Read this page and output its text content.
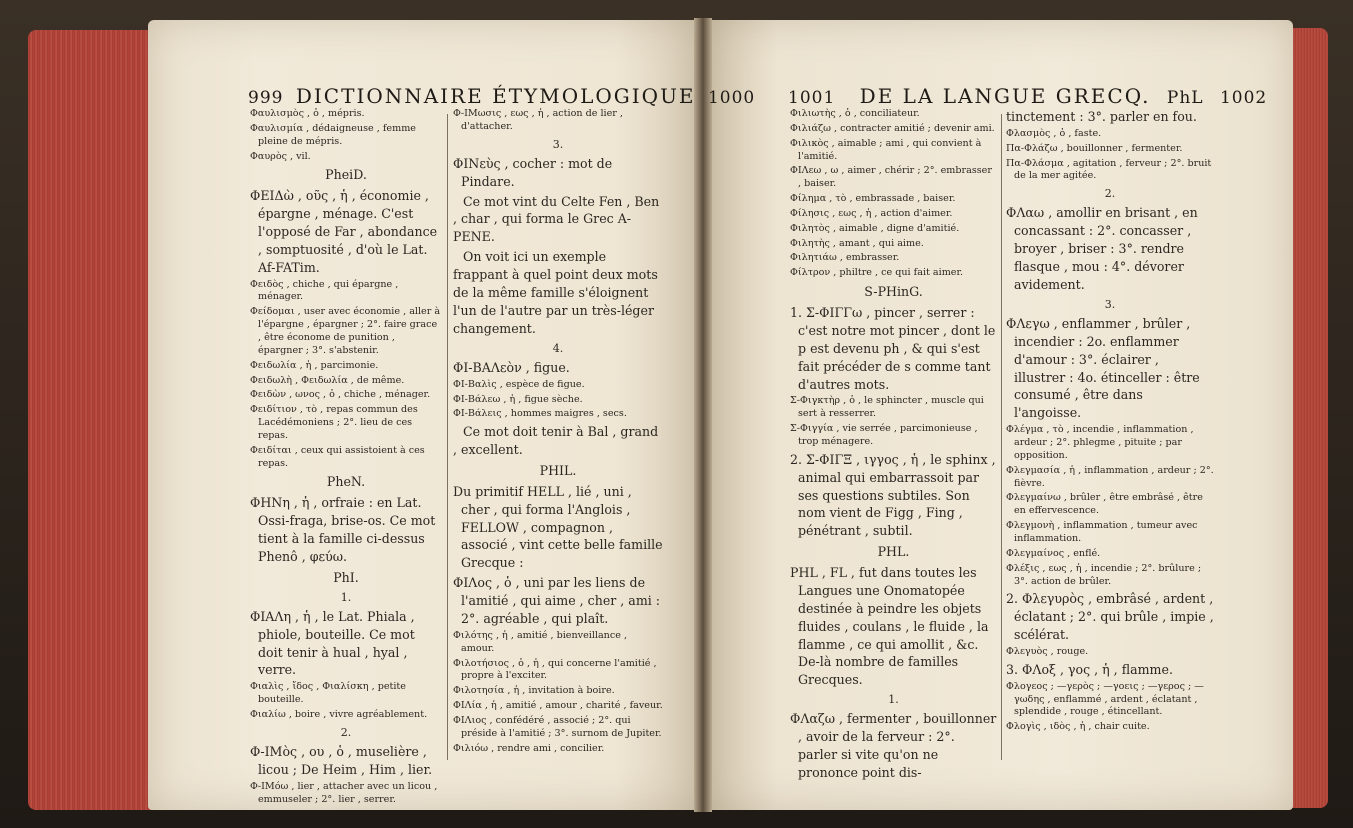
999 DICTIONNAIRE ÉTYMOLOGIQUE 1000 1001 DE LA LANGUE GRECQ. PhL 1002

Φαυλισμὸς , ὁ , mépris.

Φαυλισμία , dédaigneuse , femme pleine de mépris.

Φαυρὸς , vil.

PheiD.

ΦΕΙΔὼ , οῦς , ἡ , économie , épargne , ménage. C'est l'opposé de Far , abondance , somptuosité , d'où le Lat. Af-FATim.

Φειδὸς , chiche , qui épargne , ménager.

Φείδομαι , user avec économie , aller à l'épargne , épargner ; 2°. faire grace , être économe de punition , épargner ; 3°. s'abstenir.

Φειδωλία , ἡ , parcimonie.

Φειδωλὴ , Φειδωλία , de même.

Φειδὼν , ωνος , ὁ , chiche , ménager.

Φειδίτιον , τὸ , repas commun des Lacédémoniens ; 2°. lieu de ces repas.

Φειδίται , ceux qui assistoient à ces repas.

PheN.

ΦΗΝη , ἡ , orfraie : en Lat. Ossi-fraga, brise-os. Ce mot tient à la famille ci-dessus Phenô , φεύω.

PhI.

1.

ΦΙΑΛη , ἡ , le Lat. Phiala , phiole, bouteille. Ce mot doit tenir à hual , hyal , verre.

Φιαλὶς , ἴδος , Φιαλίσκη , petite bouteille.

Φιαλίω , boire , vivre agréablement.

2.

Φ-ΙΜὸς , ου , ὁ , muselière , licou ; De Heim , Him , lier.

Φ-ΙΜόω , lier , attacher avec un licou , emmuseler ; 2°. lier , serrer.

Φ-ΙΜωσις , εως , ἡ , action de lier , d'attacher.

3.

ΦΙΝεὺς , cocher : mot de Pindare.

Ce mot vint du Celte Fen , Ben , char , qui forma le Grec A-PENE.

On voit ici un exemple frappant à quel point deux mots de la même famille s'éloignent l'un de l'autre par un très-léger changement.

4.

ΦΙ-ΒΑΛεὸν , figue.

ΦΙ-Βαλὶς , espèce de figue.

ΦΙ-Βάλεω , ἡ , figue sèche.

ΦΙ-Βάλεις , hommes maigres , secs.

Ce mot doit tenir à Bal , grand , excellent.

PHIL.

Du primitif HELL , lié , uni , cher , qui forma l'Anglois , FELLOW , compagnon , associé , vint cette belle famille Grecque :

ΦΙΛος , ὁ , uni par les liens de l'amitié , qui aime , cher , ami : 2°. agréable , qui plaît.

Φιλότης , ἡ , amitié , bienveillance , amour.

Φιλοτήσιος , ὁ , ἡ , qui concerne l'amitié , propre à l'exciter.

Φιλοτησία , ἡ , invitation à boire.

ΦΙΛία , ἡ , amitié , amour , charité , faveur.

ΦΙΛιος , confédéré , associé ; 2°. qui préside à l'amitié ; 3°. surnom de Jupiter.

Φιλιόω , rendre ami , concilier.

Φιλιωτὴς , ὁ , conciliateur.

Φιλιάζω , contracter amitié ; devenir ami.

Φιλικὸς , aimable ; ami , qui convient à l'amitié.

ΦΙΛεω , ω , aimer , chérir ; 2°. embrasser , baiser.

Φίλημα , τὸ , embrassade , baiser.

Φίλησις , εως , ἡ , action d'aimer.

Φιλητὸς , aimable , digne d'amitié.

Φιλητὴς , amant , qui aime.

Φιλητιάω , embrasser.

Φίλτρον , philtre , ce qui fait aimer.

S-PHinG.

1. Σ-ΦΙΓΓω , pincer , serrer : c'est notre mot pincer , dont le p est devenu ph , & qui s'est fait précéder de s comme tant d'autres mots.

Σ-Φιγκτὴρ , ὁ , le sphincter , muscle qui sert à resserrer.

Σ-Φιγγία , vie serrée , parcimonieuse , trop ménagere.

2. Σ-ΦΙΓΞ , ιγγος , ἡ , le sphinx , animal qui embarrassoit par ses questions subtiles. Son nom vient de Figg , Fing , pénétrant , subtil.

PHL.

PHL , FL , fut dans toutes les Langues une Onomatopée destinée à peindre les objets fluides , coulans , le fluide , la flamme , ce qui amollit , &c. De-là nombre de familles Grecques.

1.

ΦΛαζω , fermenter , bouillonner , avoir de la ferveur : 2°. parler si vite qu'on ne prononce point dis-

tinctement : 3°. parler en fou.

Φλασμὸς , ὁ , faste.

Πα-Φλάζω , bouillonner , fermenter.

Πα-Φλάσμα , agitation , ferveur ; 2°. bruit de la mer agitée.

2.

ΦΛαω , amollir en brisant , en concassant : 2°. concasser , broyer , briser : 3°. rendre flasque , mou : 4°. dévorer avidement.

3.

ΦΛεγω , enflammer , brûler , incendier : 2o. enflammer d'amour : 3°. éclairer , illustrer : 4o. étinceller : être consumé , être dans l'angoisse.

Φλέγμα , τὸ , incendie , inflammation , ardeur ; 2°. phlegme , pituite ; par opposition.

Φλεγμασία , ἡ , inflammation , ardeur ; 2°. fièvre.

Φλεγμαίνω , brûler , être embrâsé , être en effervescence.

Φλεγμονὴ , inflammation , tumeur avec inflammation.

Φλεγμαίνος , enflé.

Φλέξις , εως , ἡ , incendie ; 2°. brûlure ; 3°. action de brûler.

2. Φλεγυρὸς , embrâsé , ardent , éclatant ; 2°. qui brûle , impie , scélérat.

Φλεγυὸς , rouge.

3. ΦΛοξ , γος , ἡ , flamme.

Φλογεος ; —γερὸς ; —γοεις ; —γερος ; —γωδης , enflammé , ardent , éclatant , splendide , rouge , étincellant.

Φλογὶς , ιδὸς , ἡ , chair cuite.
